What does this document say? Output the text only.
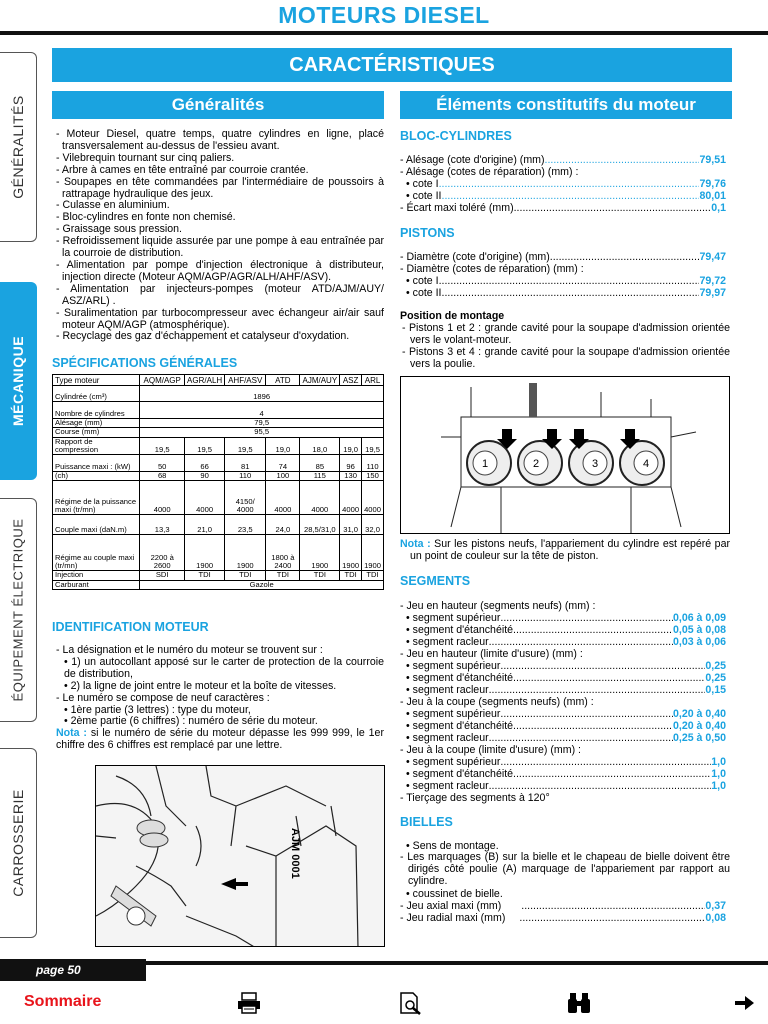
MOTEURS DIESEL
GÉNÉRALITÉS
MÉCANIQUE
ÉQUIPEMENT ÉLECTRIQUE
CARROSSERIE
CARACTÉRISTIQUES
Généralités	Éléments constitutifs du moteur
- Moteur Diesel, quatre temps, quatre cylindres en ligne, placé transversalement au-dessus de l'essieu avant.
- Vilebrequin tournant sur cinq paliers.
- Arbre à cames en tête entraîné par courroie crantée.
- Soupapes en tête commandées par l'intermédiaire de poussoirs à rattrapage hydraulique des jeux.
- Culasse en aluminium.
- Bloc-cylindres en fonte non chemisé.
- Graissage sous pression.
- Refroidissement liquide assurée par une pompe à eau entraînée par la courroie de distribution.
- Alimentation par pompe d'injection électronique à distributeur, injection directe (Moteur AQM/AGP/AGR/ALH/AHF/ASV).
- Alimentation par injecteurs-pompes (moteur ATD/AJM/AUY/ ASZ/ARL) .
- Suralimentation par turbocompresseur avec échangeur air/air sauf moteur AQM/AGP (atmosphérique).
- Recyclage des gaz d'échappement et catalyseur d'oxydation.
SPÉCIFICATIONS GÉNÉRALES
Type moteur	AQM/AGP	AGR/ALH	AHF/ASV	ATD	AJM/AUY	ASZ	ARL
Cylindrée (cm³)	1896						
Nombre de cylindres	4						
Alésage (mm)	79,5						
Course (mm)	95,5						
Rapport de compression	19,5	19,5	19,5	19,0	18,0	19,0	19,5
Puissance maxi : (kW)	50	66	81	74	85	96	110
(ch)	68	90	110	100	115	130	150
Régime de la puissance maxi (tr/mn)	4000	4000	4150/ 4000	4000	4000	4000	4000
Couple maxi (daN.m)	13,3	21,0	23,5	24,0	28,5/31,0	31,0	32,0
Régime au couple maxi (tr/mn)	2200 à 2600	1900	1900	1800 à 2400	1900	1900	1900
Injection	SDI	TDI	TDI	TDI	TDI	TDI	TDI
Carburant	Gazole						
IDENTIFICATION MOTEUR
- La désignation et le numéro du moteur se trouvent sur :
• 1) un autocollant apposé sur le carter de protection de la courroie de distribution,
• 2) la ligne de joint entre le moteur et la boîte de vitesses.
- Le numéro se compose de neuf caractères :
• 1ère partie (3 lettres) : type du moteur,
• 2ème partie (6 chiffres) : numéro de série du moteur.
Nota : si le numéro de série du moteur dépasse les 999 999, le 1er chiffre des 6 chiffres est remplacé par une lettre.
AJM 0001
BLOC-CYLINDRES
- Alésage (cote d'origine) (mm) .....	79,51
- Alésage (cotes de réparation) (mm) :
• cote I .....	79,76
• cote II .....	80,01
- Écart maxi toléré (mm) .....	0,1
PISTONS
- Diamètre (cote d'origine) (mm) .....	79,47
- Diamètre (cotes de réparation) (mm) :
• cote I .....	79,72
• cote II .....	79,97
Position de montage
- Pistons 1 et 2 : grande cavité pour la soupape d'admission orientée vers le volant-moteur.
- Pistons 3 et 4 : grande cavité pour la soupape d'admission orientée vers la poulie.
1	2	3	4
Nota : Sur les pistons neufs, l'appariement du cylindre est repéré par un point de couleur sur la tête de piston.
SEGMENTS
- Jeu en hauteur (segments neufs) (mm) :
• segment supérieur .....	0,06 à 0,09
• segment d'étanchéité .....	0,05 à 0,08
• segment racleur .....	0,03 à 0,06
- Jeu en hauteur (limite d'usure) (mm) :
• segment supérieur .....	0,25
• segment d'étanchéité .....	0,25
• segment racleur .....	0,15
- Jeu à la coupe (segments neufs) (mm) :
• segment supérieur .....	0,20 à 0,40
• segment d'étanchéité .....	0,20 à 0,40
• segment racleur .....	0,25 à 0,50
- Jeu à la coupe (limite d'usure) (mm) :
• segment supérieur .....	1,0
• segment d'étanchéité .....	1,0
• segment racleur .....	1,0
- Tierçage des segments à 120°
BIELLES
• Sens de montage.
- Les marquages (B) sur la bielle et le chapeau de bielle doivent être dirigés côté poulie (A) marquage de l'appariement par rapport au cylindre.
• coussinet de bielle.
- Jeu axial maxi (mm) .....	0,37
- Jeu radial maxi (mm) .....	0,08
page 50
Sommaire
